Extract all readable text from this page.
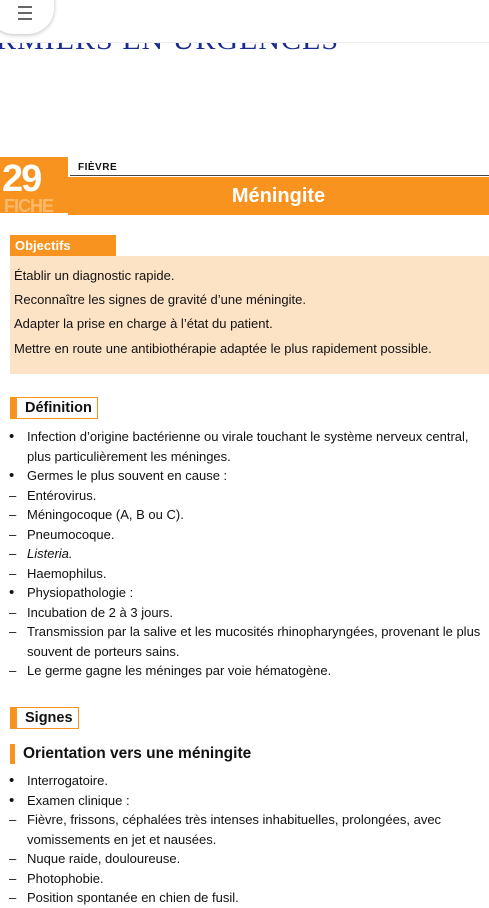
29
FICHE
FIÈVRE
Méningite
Objectifs

Établir un diagnostic rapide.

Reconnaître les signes de gravité d’une méningite.

Adapter la prise en charge à l’état du patient.

Mettre en route une antibiothérapie adaptée le plus rapidement possible.

Définition
• Infection d’origine bactérienne ou virale touchant le système nerveux central, plus particulièrement les méninges.
• Germes le plus souvent en cause :
– Entérovirus.
– Méningocoque (A, B ou C).
– Pneumocoque.
– Listeria.
– Haemophilus.
• Physiopathologie :
– Incubation de 2 à 3 jours.
– Transmission par la salive et les mucosités rhinopharyngées, provenant le plus souvent de porteurs sains.
– Le germe gagne les méninges par voie hématogène.
Signes
Orientation vers une méningite
• Interrogatoire.
• Examen clinique :
– Fièvre, frissons, céphalées très intenses inhabituelles, prolongées, avec vomissements en jet et nausées.
– Nuque raide, douloureuse.
– Photophobie.
– Position spontanée en chien de fusil.
